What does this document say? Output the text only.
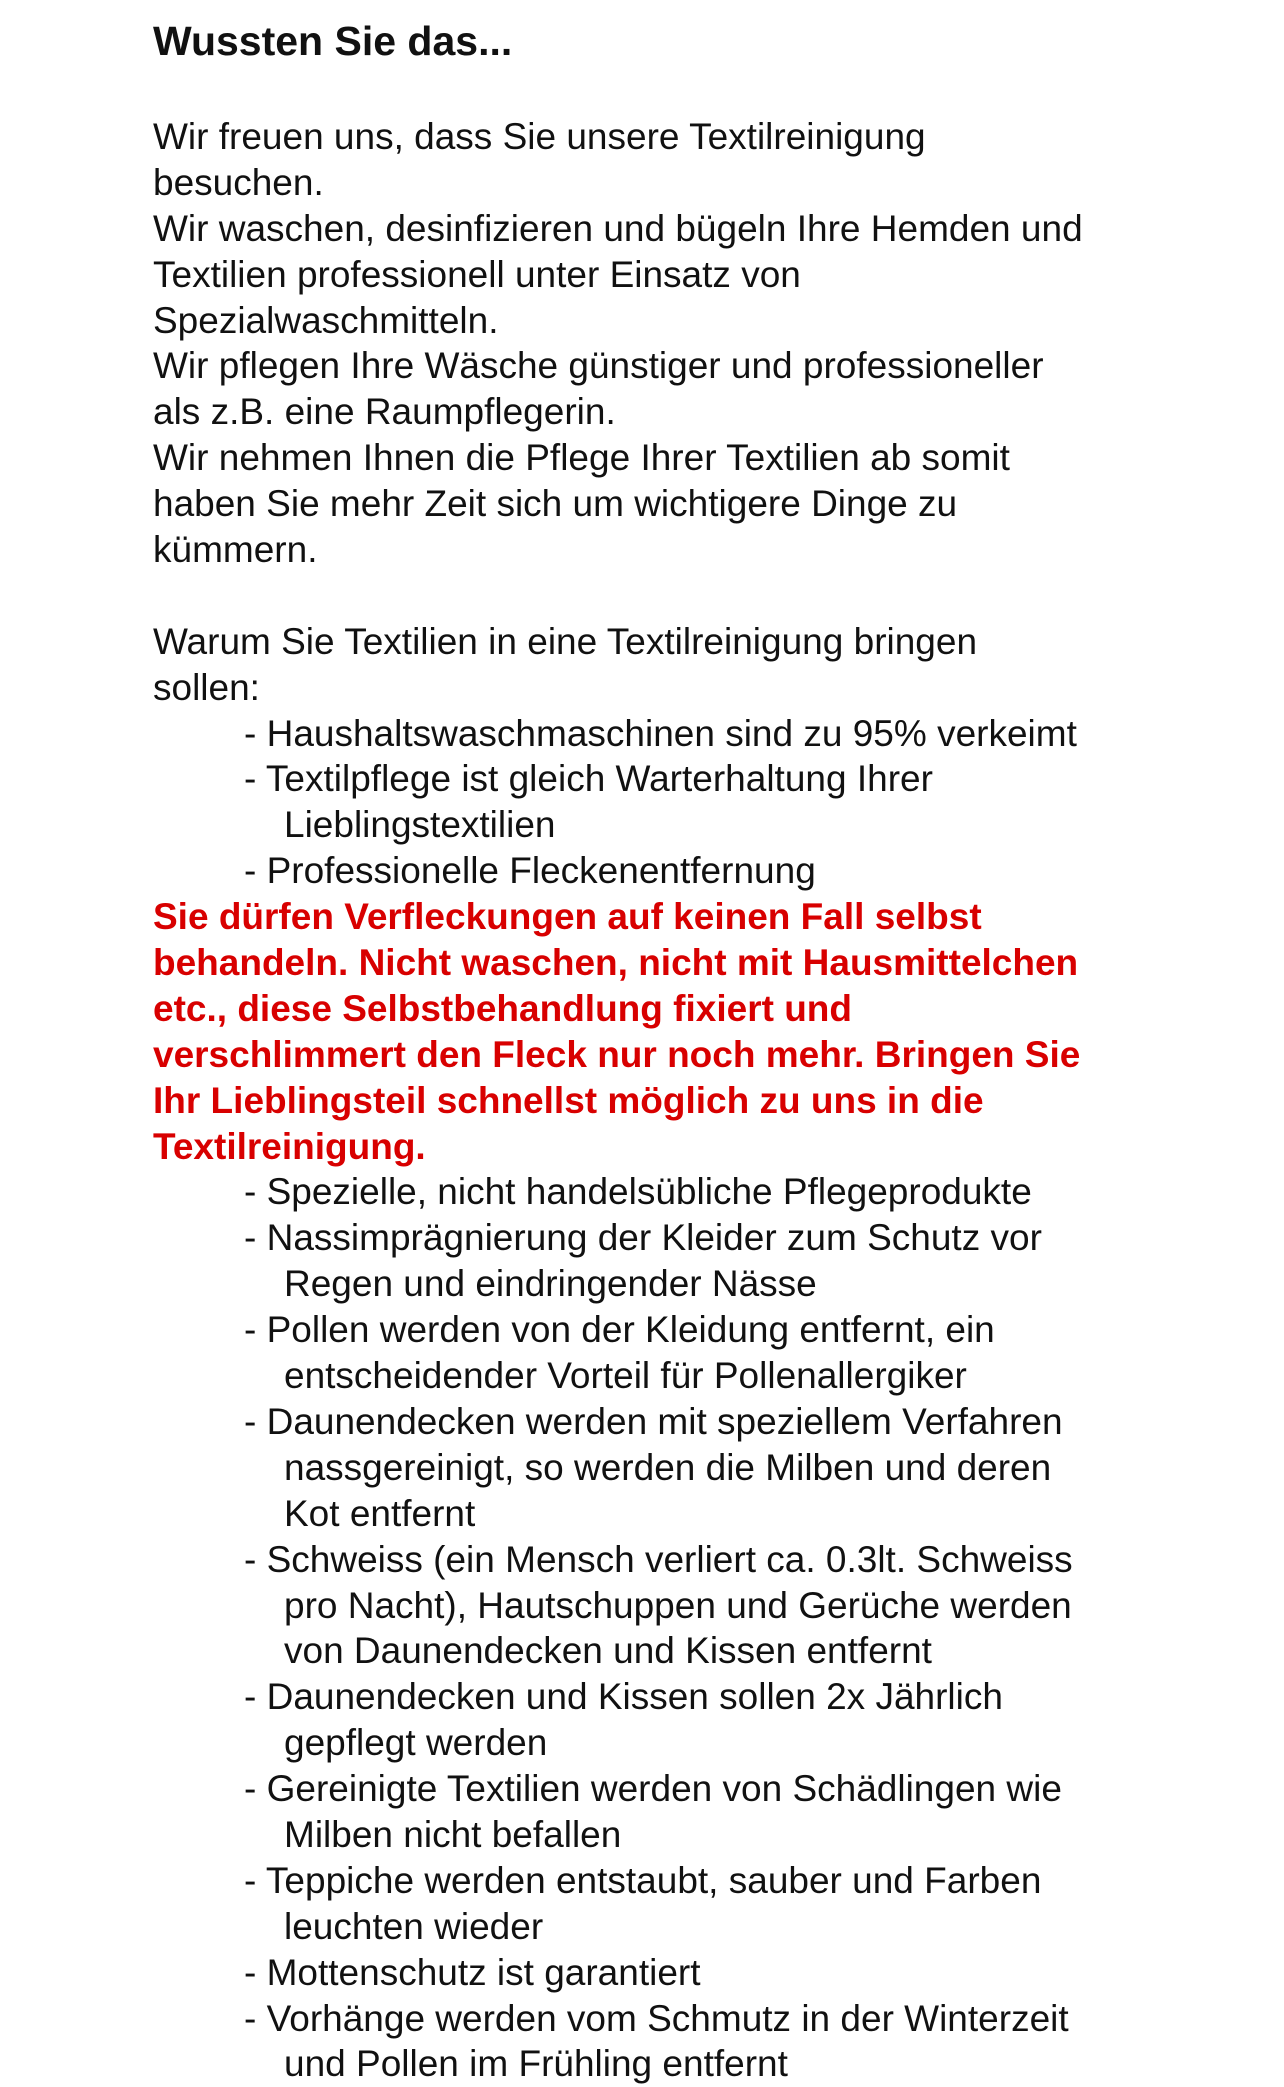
Wussten Sie das...
Wir freuen uns, dass Sie unsere Textilreinigung
besuchen.
Wir waschen, desinfizieren und bügeln Ihre Hemden und
Textilien professionell unter Einsatz von
Spezialwaschmitteln.
Wir pflegen Ihre Wäsche günstiger und professioneller
als z.B. eine Raumpflegerin.
Wir nehmen Ihnen die Pflege Ihrer Textilien ab somit
haben Sie mehr Zeit sich um wichtigere Dinge zu
kümmern.
Warum Sie Textilien in eine Textilreinigung bringen
sollen:
- Haushaltswaschmaschinen sind zu 95% verkeimt
- Textilpflege ist gleich Warterhaltung Ihrer
Lieblingstextilien
- Professionelle Fleckenentfernung
Sie dürfen Verfleckungen auf keinen Fall selbst
behandeln. Nicht waschen, nicht mit Hausmittelchen
etc., diese Selbstbehandlung fixiert und
verschlimmert den Fleck nur noch mehr. Bringen Sie
Ihr Lieblingsteil schnellst möglich zu uns in die
Textilreinigung.
- Spezielle, nicht handelsübliche Pflegeprodukte
- Nassimprägnierung der Kleider zum Schutz vor
Regen und eindringender Nässe
- Pollen werden von der Kleidung entfernt, ein
entscheidender Vorteil für Pollenallergiker
- Daunendecken werden mit speziellem Verfahren
nassgereinigt, so werden die Milben und deren
Kot entfernt
- Schweiss (ein Mensch verliert ca. 0.3lt. Schweiss
pro Nacht), Hautschuppen und Gerüche werden
von Daunendecken und Kissen entfernt
- Daunendecken und Kissen sollen 2x Jährlich
gepflegt werden
- Gereinigte Textilien werden von Schädlingen wie
Milben nicht befallen
- Teppiche werden entstaubt, sauber und Farben
leuchten wieder
- Mottenschutz ist garantiert
- Vorhänge werden vom Schmutz in der Winterzeit
und Pollen im Frühling entfernt
